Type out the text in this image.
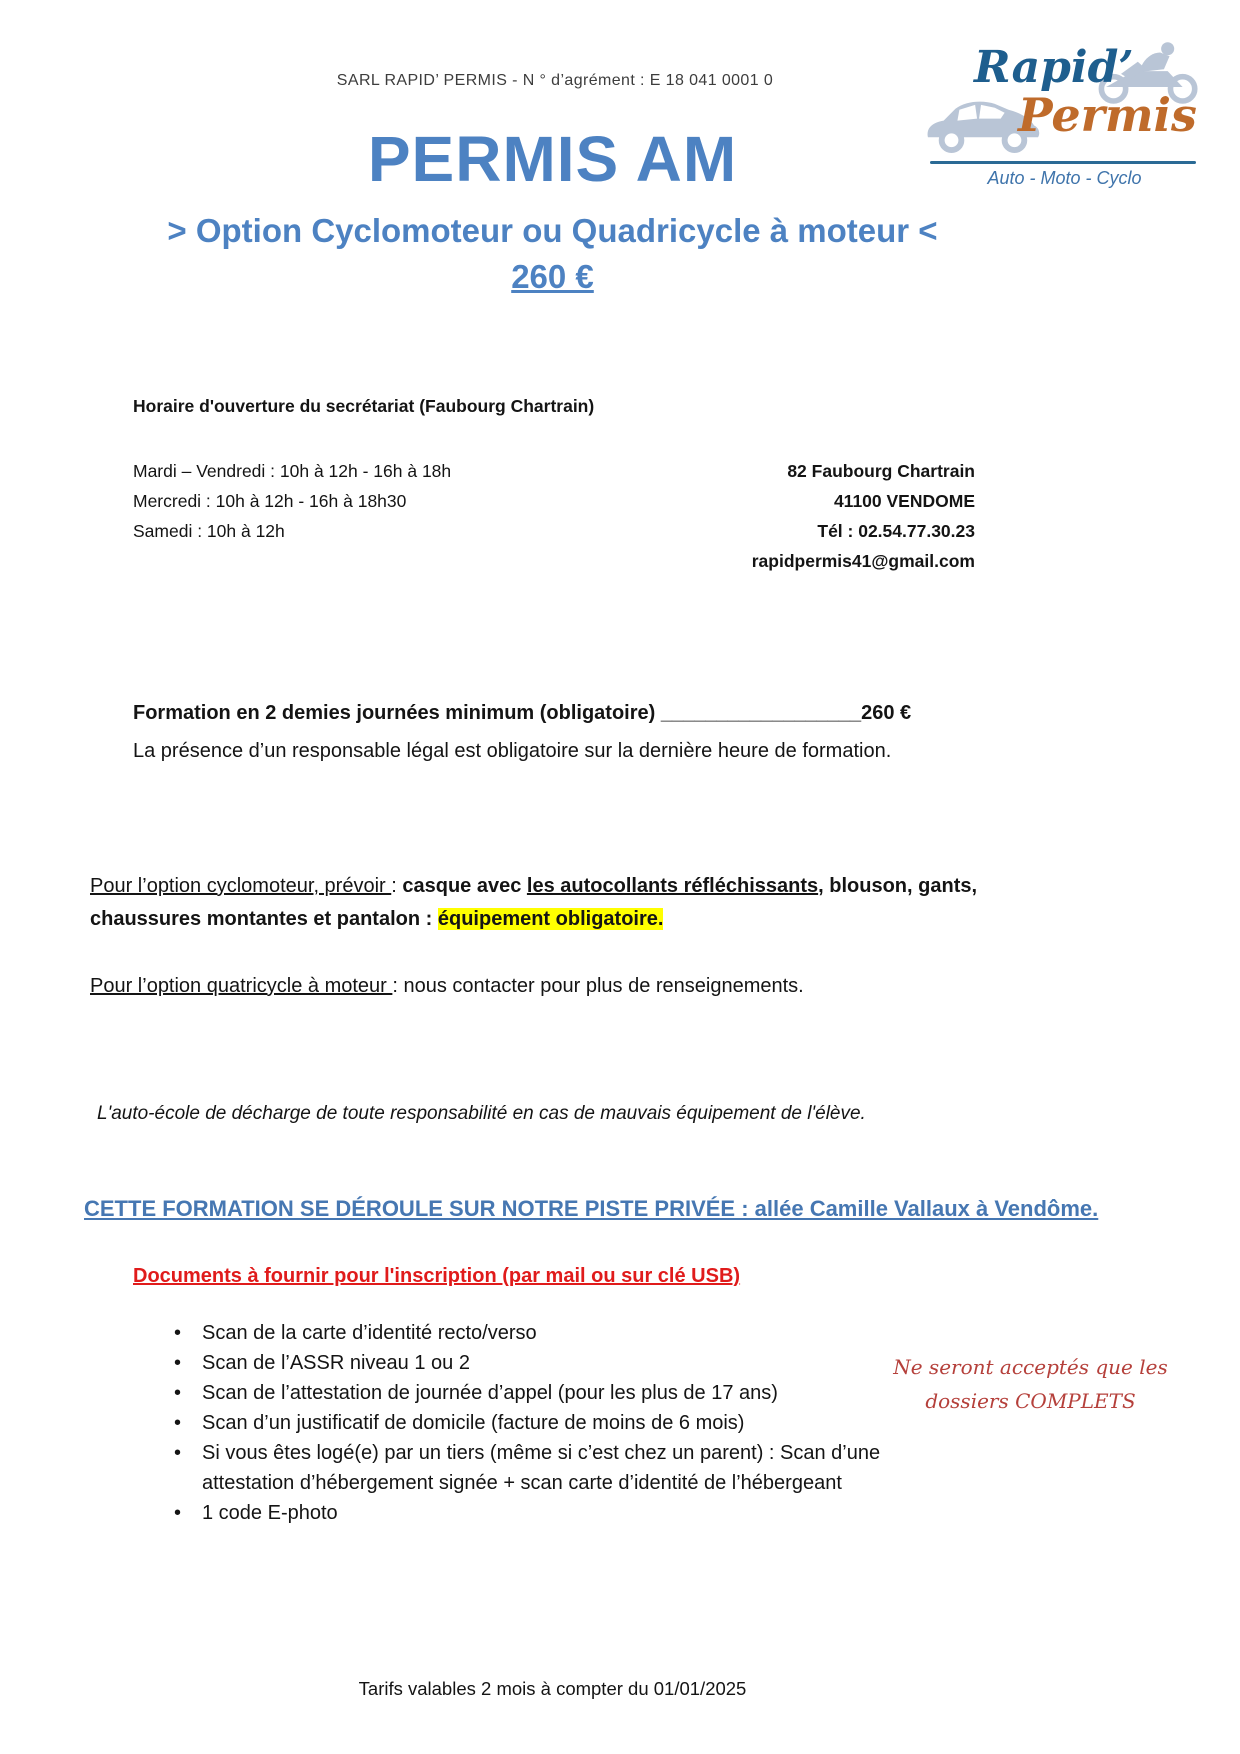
SARL RAPID’ PERMIS - N ° d’agrément : E 18 041 0001 0	Rapid’
Permis
Auto - Moto - Cyclo
PERMIS AM
> Option Cyclomoteur ou Quadricycle à moteur <
260 €
Horaire d'ouverture du secrétariat (Faubourg Chartrain)
Mardi – Vendredi : 10h à 12h - 16h à 18h
Mercredi : 10h à 12h - 16h à 18h30
Samedi : 10h à 12h
82 Faubourg Chartrain
41100 VENDOME
Tél : 02.54.77.30.23
rapidpermis41@gmail.com
Formation en 2 demies journées minimum (obligatoire) __________________260 €
La présence d’un responsable légal est obligatoire sur la dernière heure de formation.
Pour l’option cyclomoteur, prévoir : casque avec les autocollants réfléchissants, blouson, gants, chaussures montantes et pantalon : équipement obligatoire.
Pour l’option quatricycle à moteur : nous contacter pour plus de renseignements.
L'auto-école de décharge de toute responsabilité en cas de mauvais équipement de l'élève.
CETTE FORMATION SE DÉROULE SUR NOTRE PISTE PRIVÉE : allée Camille Vallaux à Vendôme.
Documents à fournir pour l'inscription (par mail ou sur clé USB)
• Scan de la carte d’identité recto/verso
• Scan de l’ASSR niveau 1 ou 2
• Scan de l’attestation de journée d’appel (pour les plus de 17 ans)
• Scan d’un justificatif de domicile (facture de moins de 6 mois)
• Si vous êtes logé(e) par un tiers (même si c’est chez un parent) : Scan d’une attestation d’hébergement signée + scan carte d’identité de l’hébergeant
• 1 code E-photo
Ne seront acceptés que les
dossiers COMPLETS
Tarifs valables 2 mois à compter du 01/01/2025
